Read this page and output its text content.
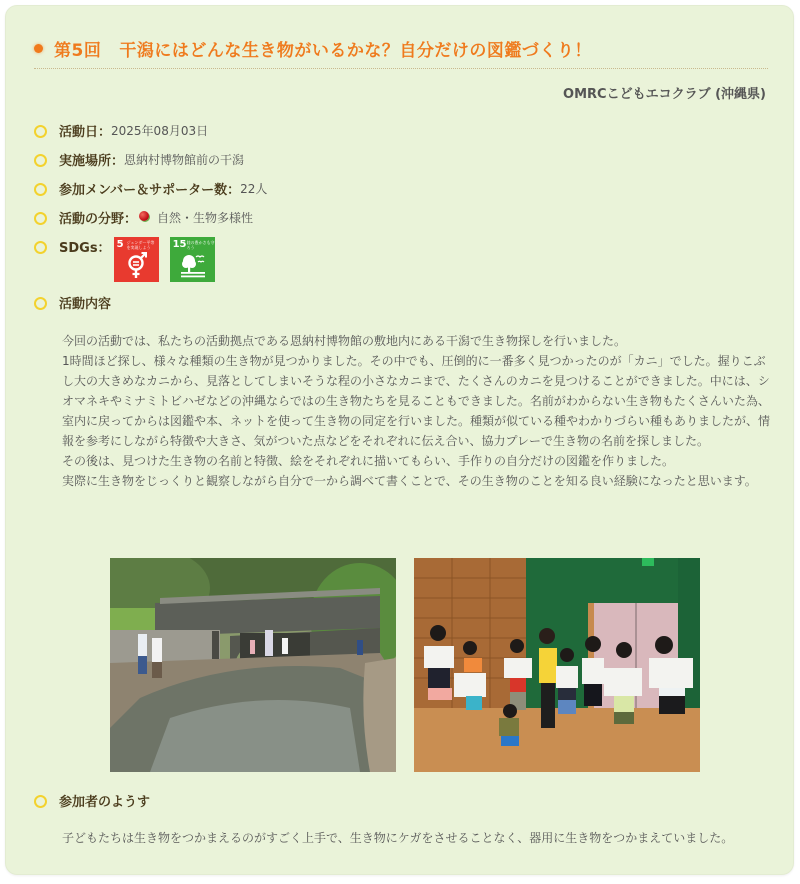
第5回 干潟にはどんな生き物がいるかな？自分だけの図鑑づくり！
OMRCこどもエコクラブ (沖縄県)
活動日： 2025年08月03日
実施場所： 恩納村博物館前の干潟
参加メンバー＆サポーター数： 22人
活動の分野： 自然・生物多様性
SDGs： 5 ジェンダー平等を実現しよう	15 陸の豊かさも守ろう
活動内容

今回の活動では、私たちの活動拠点である恩納村博物館の敷地内にある干潟で生き物探しを行いました。

1時間ほど探し、様々な種類の生き物が見つかりました。その中でも、圧倒的に一番多く見つかったのが「カニ」でした。握りこぶし大の大きめなカニから、見落としてしまいそうな程の小さなカニまで、たくさんのカニを見つけることができました。中には、シオマネキやミナミトビハゼなどの沖縄ならではの生き物たちを見ることもできました。名前がわからない生き物もたくさんいた為、室内に戻ってからは図鑑や本、ネットを使って生き物の同定を行いました。種類が似ている種やわかりづらい種もありましたが、情報を参考にしながら特徴や大きさ、気がついた点などをそれぞれに伝え合い、協力プレーで生き物の名前を探しました。

その後は、見つけた生き物の名前と特徴、絵をそれぞれに描いてもらい、手作りの自分だけの図鑑を作りました。

実際に生き物をじっくりと観察しながら自分で一から調べて書くことで、その生き物のことを知る良い経験になったと思います。

参加者のようす

子どもたちは生き物をつかまえるのがすごく上手で、生き物にケガをさせることなく、器用に生き物をつかまえていました。
